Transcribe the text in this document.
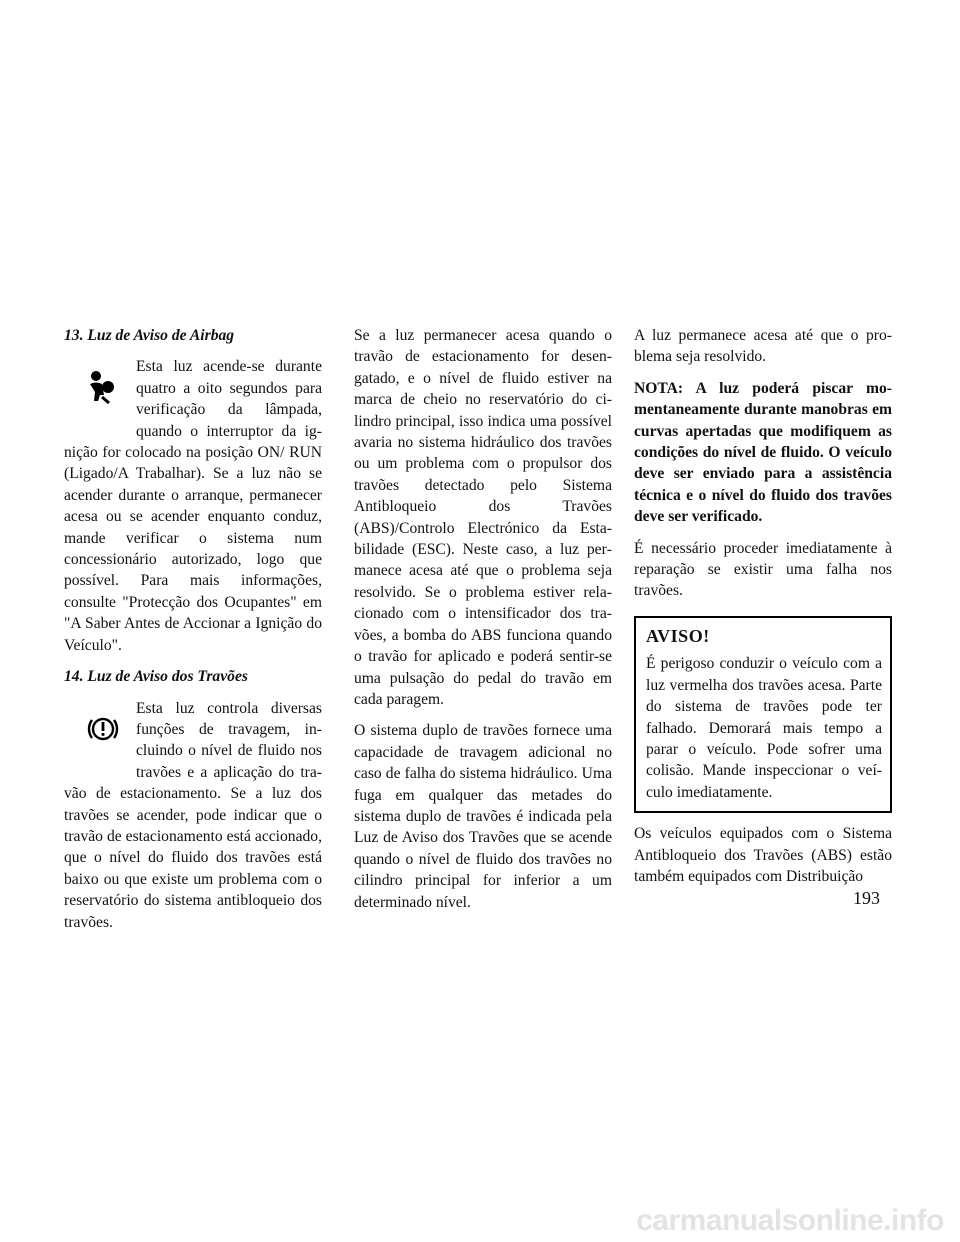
13. Luz de Aviso de Airbag

Esta luz acende-se durante quatro a oito segundos para verificação da lâmpada, quando o interruptor da ignição for colocado na posição ON/ RUN (Ligado/A Trabalhar). Se a luz não se acender durante o arranque, permanecer acesa ou se acender enquanto conduz, mande verificar o sistema num concessionário autorizado, logo que possível. Para mais informações, consulte "Protecção dos Ocupantes" em "A Saber Antes de Accionar a Ignição do Veículo".

14. Luz de Aviso dos Travões

Esta luz controla diversas funções de travagem, incluindo o nível de fluido nos travões e a aplicação do travão de estacionamento. Se a luz dos travões se acender, pode indicar que o travão de estacionamento está accionado, que o nível do fluido dos travões está baixo ou que existe um problema com o reservatório do sistema antibloqueio dos travões.

Se a luz permanecer acesa quando o travão de estacionamento for desengatado, e o nível de fluido estiver na marca de cheio no reservatório do cilindro principal, isso indica uma possível avaria no sistema hidráulico dos travões ou um problema com o propulsor dos travões detectado pelo Sistema Antibloqueio dos Travões (ABS)/Controlo Electrónico da Estabilidade (ESC). Neste caso, a luz permanece acesa até que o problema seja resolvido. Se o problema estiver relacionado com o intensificador dos travões, a bomba do ABS funciona quando o travão for aplicado e poderá sentir-se uma pulsação do pedal do travão em cada paragem.

O sistema duplo de travões fornece uma capacidade de travagem adicional no caso de falha do sistema hidráulico. Uma fuga em qualquer das metades do sistema duplo de travões é indicada pela Luz de Aviso dos Travões que se acende quando o nível de fluido dos travões no cilindro principal for inferior a um determinado nível.

A luz permanece acesa até que o problema seja resolvido.

NOTA: A luz poderá piscar momentaneamente durante manobras em curvas apertadas que modifiquem as condições do nível de fluido. O veículo deve ser enviado para a assistência técnica e o nível do fluido dos travões deve ser verificado.

É necessário proceder imediatamente à reparação se existir uma falha nos travões.

AVISO!

É perigoso conduzir o veículo com a luz vermelha dos travões acesa. Parte do sistema de travões pode ter falhado. Demorará mais tempo a parar o veículo. Pode sofrer uma colisão. Mande inspeccionar o veículo imediatamente.

Os veículos equipados com o Sistema Antibloqueio dos Travões (ABS) estão também equipados com Distribuição

193
carmanualsonline.info
